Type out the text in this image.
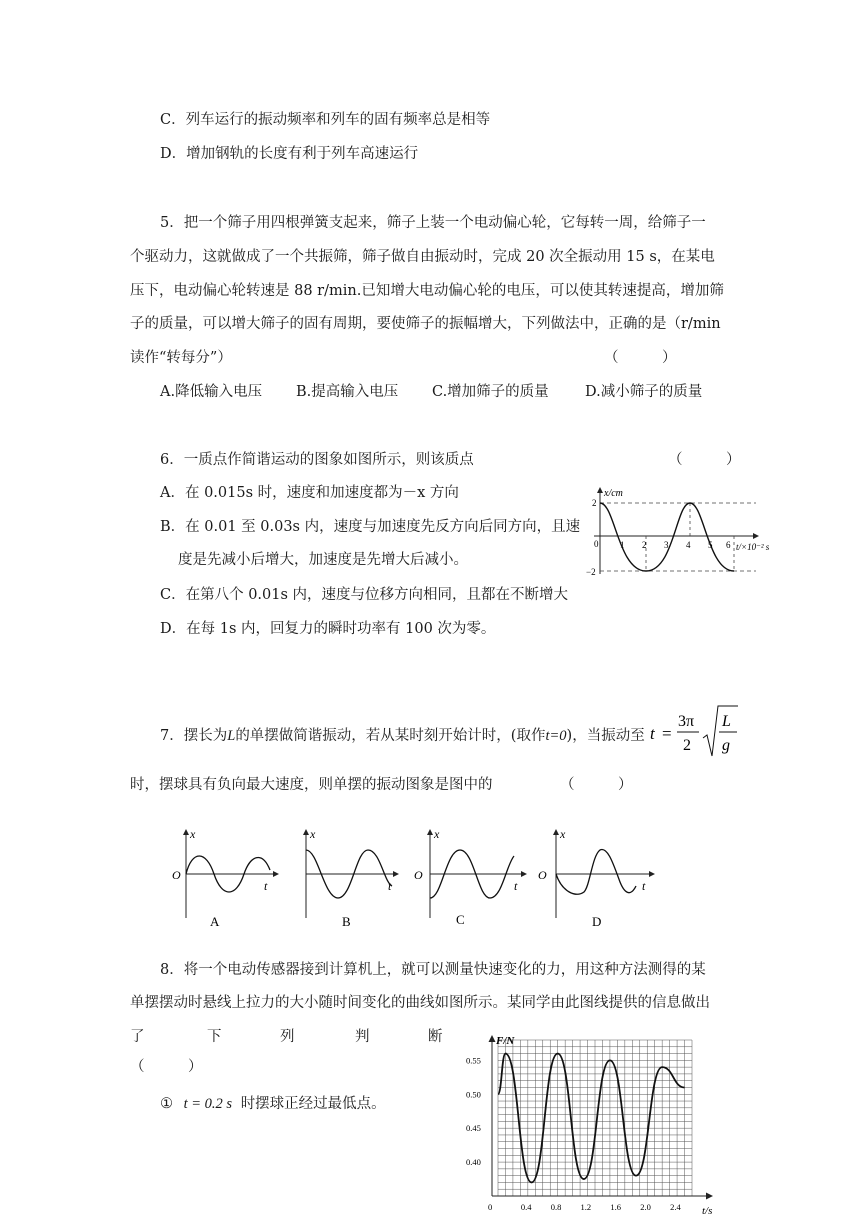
C．列车运行的振动频率和列车的固有频率总是相等
D．增加钢轨的长度有利于列车高速运行
5．把一个筛子用四根弹簧支起来，筛子上装一个电动偏心轮，它每转一周，给筛子一
个驱动力，这就做成了一个共振筛，筛子做自由振动时，完成 20 次全振动用 15 s，在某电
压下，电动偏心轮转速是 88 r/min.已知增大电动偏心轮的电压，可以使其转速提高，增加筛
子的质量，可以增大筛子的固有周期，要使筛子的振幅增大，下列做法中，正确的是（r/min
读作“转每分”）	（　　　）
A.降低输入电压 B.提高输入电压 C.增加筛子的质量	D.减小筛子的质量
6．一质点作简谐运动的图象如图所示，则该质点	（　　　）
A．在 0.015s 时，速度和加速度都为－x 方向
B．在 0.01 至 0.03s 内，速度与加速度先反方向后同方向，且速
度是先减小后增大，加速度是先增大后减小。
C．在第八个 0.01s 内，速度与位移方向相同，且都在不断增大
D．在每 1s 内，回复力的瞬时功率有 100 次为零。
x/cm
t/×10⁻² s
0
2
−2
1 2 3 4 5 6
7．摆长为L的单摆做简谐振动，若从某时刻开始计时，(取作t=0)，当振动至 t =
3π
2
L
g
时，摆球具有负向最大速度，则单摆的振动图象是图中的	（　　　）
x
t
O
A
x
t
B
x
t
O
C
x
t
O
D
8．将一个电动传感器接到计算机上，就可以测量快速变化的力，用这种方法测得的某
单摆摆动时悬线上拉力的大小随时间变化的曲线如图所示。某同学由此图线提供的信息做出
了	下	列	判	断
（　　　）
① t = 0.2 s 时摆球正经过最低点。
0.55
0.50
0.45
0.40
0	0.4 0.8 1.2 1.6 2.0 2.4
F/N
t/s
